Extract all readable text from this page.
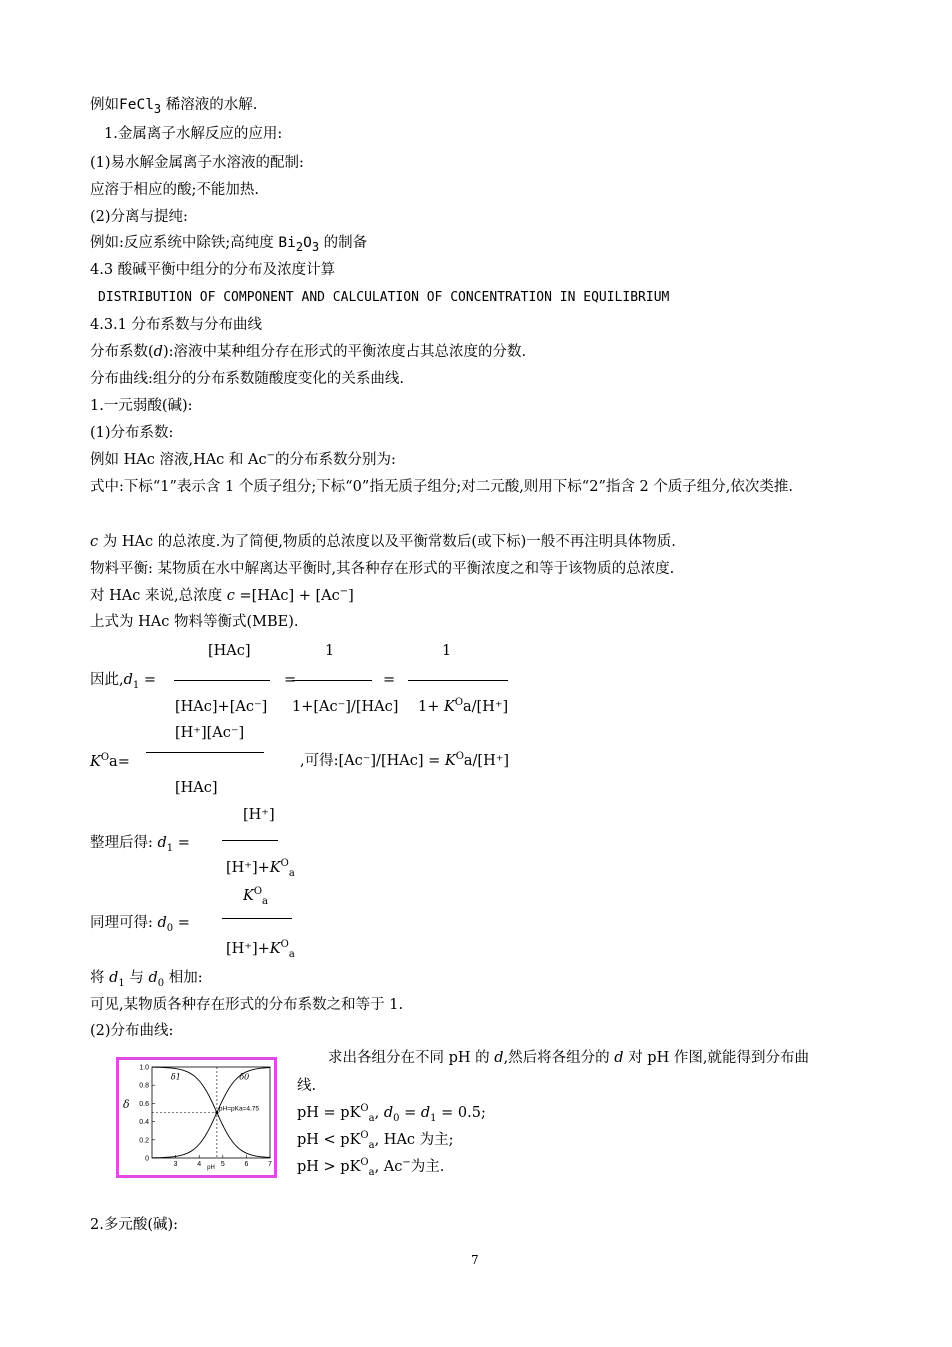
例如FeCl$_3$ 稀溶液的水解.
1.金属离子水解反应的应用:
(1)易水解金属离子水溶液的配制:
应溶于相应的酸;不能加热.
(2)分离与提纯:
例如:反应系统中除铁;高纯度 $Bi_2O_3$ 的制备
4.3 酸碱平衡中组分的分布及浓度计算
DISTRIBUTION OF COMPONENT AND CALCULATION OF CONCENTRATION IN EQUILIBRIUM
4.3.1 分布系数与分布曲线
分布系数(d):溶液中某种组分存在形式的平衡浓度占其总浓度的分数.
分布曲线:组分的分布系数随酸度变化的关系曲线.
1.一元弱酸(碱):
(1)分布系数:
例如 HAc 溶液,HAc 和 Ac−的分布系数分别为:
式中:下标“1”表示含 1 个质子组分;下标“0”指无质子组分;对二元酸,则用下标“2”指含 2 个质子组分,依次类推.
c 为 HAc 的总浓度.为了简便,物质的总浓度以及平衡常数后(或下标)一般不再注明具体物质.
物料平衡: 某物质在水中解离达平衡时,其各种存在形式的平衡浓度之和等于该物质的总浓度.
对 HAc 来说,总浓度 c =[HAc] + [Ac−]
上式为 HAc 物料等衡式(MBE).
[HAc]	1	1
因此$,d_1$ =	=	=
[HAc]+[Ac⁻] 1+[Ac⁻]/[HAc] $1+ K^Oa/[H^+]$
[H⁺][Ac⁻]
$K^Oa=$	,可得:[Ac⁻]/[HAc] = $K^Oa/[H^+]$
[HAc]
[H⁺]
整理后得: $d_1$ =
$[H^+]+K^O_a$
$K^O_a$
同理可得: $d_0$ =
$[H^+]+K^O_a$
将 $d_1$ 与 $d_0$ 相加:
可见,某物质各种存在形式的分布系数之和等于 1.
(2)分布曲线:
求出各组分在不同 pH 的 d,然后将各组分的 d 对 pH 作图,就能得到分布曲
线.
pH = $pK^O_a$, $d_0 = d_1 = 0.5$;
pH < $pK^O_a$, HAc 为主;
pH > $pK^O_a$, Ac−为主.
1.0
0.8
0.6
0.4
0.2
0
3	4	5	6	7
pH
δ	pH=pKa=4.75
δ1	δ0
2.多元酸(碱):
7
